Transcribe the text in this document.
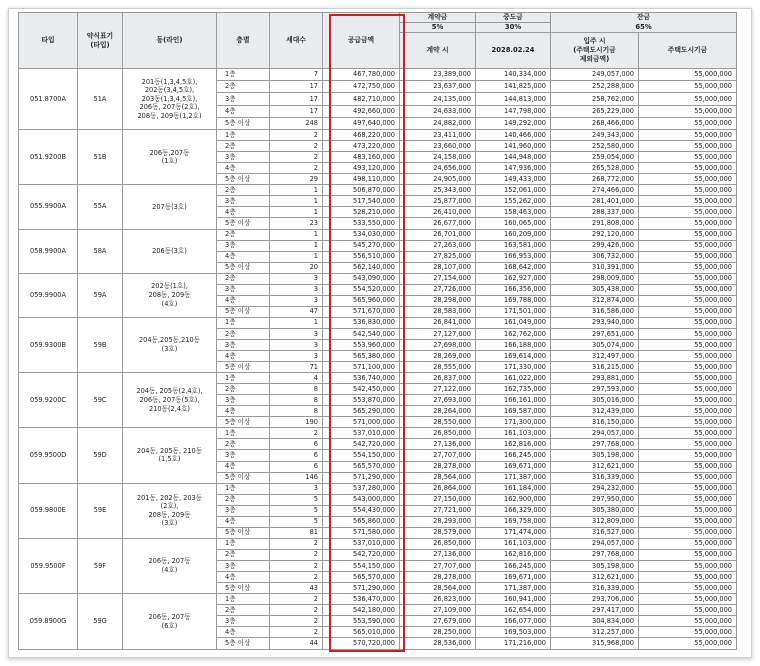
타입	약식표기
(타입)	동(라인)	층별	세대수	공급금액	계약금	중도금	잔금	
						5%	30%	65%	
						계약 시	2028.02.24	입주 시
(주택도시기금
제외금액)	주택도시기금
051.8700A	51A	201동(1,3,4,5호),
202동(3,4,5호),
203동(1,3,4,5호),
206동, 207동(2호),
208동, 209동(1,2호)	1층	7	467,780,000	23,389,000	140,334,000	249,057,000	55,000,000
			2층	17	472,750,000	23,637,000	141,825,000	252,288,000	55,000,000
			3층	17	482,710,000	24,135,000	144,813,000	258,762,000	55,000,000
			4층	17	492,660,000	24,633,000	147,798,000	265,229,000	55,000,000
			5층 이상	248	497,640,000	24,882,000	149,292,000	268,466,000	55,000,000
051.9200B	51B	206동,207동
(1호)	1층	2	468,220,000	23,411,000	140,466,000	249,343,000	55,000,000
			2층	2	473,220,000	23,660,000	141,960,000	252,580,000	55,000,000
			3층	2	483,160,000	24,158,000	144,948,000	259,054,000	55,000,000
			4층	2	493,120,000	24,656,000	147,936,000	265,528,000	55,000,000
			5층 이상	29	498,110,000	24,905,000	149,433,000	268,772,000	55,000,000
055.9900A	55A	207동(3호)	2층	1	506,870,000	25,343,000	152,061,000	274,466,000	55,000,000
			3층	1	517,540,000	25,877,000	155,262,000	281,401,000	55,000,000
			4층	1	528,210,000	26,410,000	158,463,000	288,337,000	55,000,000
			5층 이상	23	533,550,000	26,677,000	160,065,000	291,808,000	55,000,000
058.9900A	58A	206동(3호)	2층	1	534,030,000	26,701,000	160,209,000	292,120,000	55,000,000
			3층	1	545,270,000	27,263,000	163,581,000	299,426,000	55,000,000
			4층	1	556,510,000	27,825,000	166,953,000	306,732,000	55,000,000
			5층 이상	20	562,140,000	28,107,000	168,642,000	310,391,000	55,000,000
059.9900A	59A	202동(1호),
208동, 209동
(4호)	2층	3	543,090,000	27,154,000	162,927,000	298,009,000	55,000,000
			3층	3	554,520,000	27,726,000	166,356,000	305,438,000	55,000,000
			4층	3	565,960,000	28,298,000	169,788,000	312,874,000	55,000,000
			5층 이상	47	571,670,000	28,583,000	171,501,000	316,586,000	55,000,000
059.9300B	59B	204동,205동,210동
(3호)	1층	1	536,830,000	26,841,000	161,049,000	293,940,000	55,000,000
			2층	3	542,540,000	27,127,000	162,762,000	297,651,000	55,000,000
			3층	3	553,960,000	27,698,000	166,188,000	305,074,000	55,000,000
			4층	3	565,380,000	28,269,000	169,614,000	312,497,000	55,000,000
			5층 이상	71	571,100,000	28,555,000	171,330,000	316,215,000	55,000,000
059.9200C	59C	204동, 205동(2,4호),
206동, 207동(5호),
210동(2,4호)	1층	4	536,740,000	26,837,000	161,022,000	293,881,000	55,000,000
			2층	8	542,450,000	27,122,000	162,735,000	297,593,000	55,000,000
			3층	8	553,870,000	27,693,000	166,161,000	305,016,000	55,000,000
			4층	8	565,290,000	28,264,000	169,587,000	312,439,000	55,000,000
			5층 이상	190	571,000,000	28,550,000	171,300,000	316,150,000	55,000,000
059.9500D	59D	204동, 205동, 210동
(1,5호)	1층	2	537,010,000	26,850,000	161,103,000	294,057,000	55,000,000
			2층	6	542,720,000	27,136,000	162,816,000	297,768,000	55,000,000
			3층	6	554,150,000	27,707,000	166,245,000	305,198,000	55,000,000
			4층	6	565,570,000	28,278,000	169,671,000	312,621,000	55,000,000
			5층 이상	146	571,290,000	28,564,000	171,387,000	316,339,000	55,000,000
059.9800E	59E	201동, 202동, 203동
(2호),
208동, 209동
(3호)	1층	3	537,280,000	26,864,000	161,184,000	294,232,000	55,000,000
			2층	5	543,000,000	27,150,000	162,900,000	297,950,000	55,000,000
			3층	5	554,430,000	27,721,000	166,329,000	305,380,000	55,000,000
			4층	5	565,860,000	28,293,000	169,758,000	312,809,000	55,000,000
			5층 이상	81	571,580,000	28,579,000	171,474,000	316,527,000	55,000,000
059.9500F	59F	206동, 207동
(4호)	1층	2	537,010,000	26,850,000	161,103,000	294,057,000	55,000,000
			2층	2	542,720,000	27,136,000	162,816,000	297,768,000	55,000,000
			3층	2	554,150,000	27,707,000	166,245,000	305,198,000	55,000,000
			4층	2	565,570,000	28,278,000	169,671,000	312,621,000	55,000,000
			5층 이상	43	571,290,000	28,564,000	171,387,000	316,339,000	55,000,000
059.8900G	59G	206동, 207동
(6호)	1층	2	536,470,000	26,823,000	160,941,000	293,706,000	55,000,000
			2층	2	542,180,000	27,109,000	162,654,000	297,417,000	55,000,000
			3층	2	553,590,000	27,679,000	166,077,000	304,834,000	55,000,000
			4층	2	565,010,000	28,250,000	169,503,000	312,257,000	55,000,000
			5층 이상	44	570,720,000	28,536,000	171,216,000	315,968,000	55,000,000
